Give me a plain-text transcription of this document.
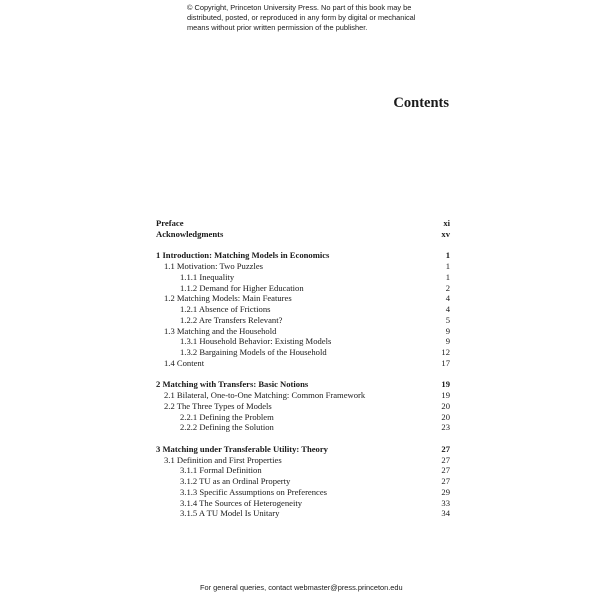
© Copyright, Princeton University Press. No part of this book may be
distributed, posted, or reproduced in any form by digital or mechanical
means without prior written permission of the publisher.
Contents
Preface	xi
Acknowledgments	xv
1 Introduction: Matching Models in Economics	1
1.1 Motivation: Two Puzzles	1
1.1.1 Inequality	1
1.1.2 Demand for Higher Education	2
1.2 Matching Models: Main Features	4
1.2.1 Absence of Frictions	4
1.2.2 Are Transfers Relevant?	5
1.3 Matching and the Household	9
1.3.1 Household Behavior: Existing Models	9
1.3.2 Bargaining Models of the Household	12
1.4 Content	17
2 Matching with Transfers: Basic Notions	19
2.1 Bilateral, One-to-One Matching: Common Framework	19
2.2 The Three Types of Models	20
2.2.1 Defining the Problem	20
2.2.2 Defining the Solution	23
3 Matching under Transferable Utility: Theory	27
3.1 Definition and First Properties	27
3.1.1 Formal Definition	27
3.1.2 TU as an Ordinal Property	27
3.1.3 Specific Assumptions on Preferences	29
3.1.4 The Sources of Heterogeneity	33
3.1.5 A TU Model Is Unitary	34
For general queries, contact webmaster@press.princeton.edu
